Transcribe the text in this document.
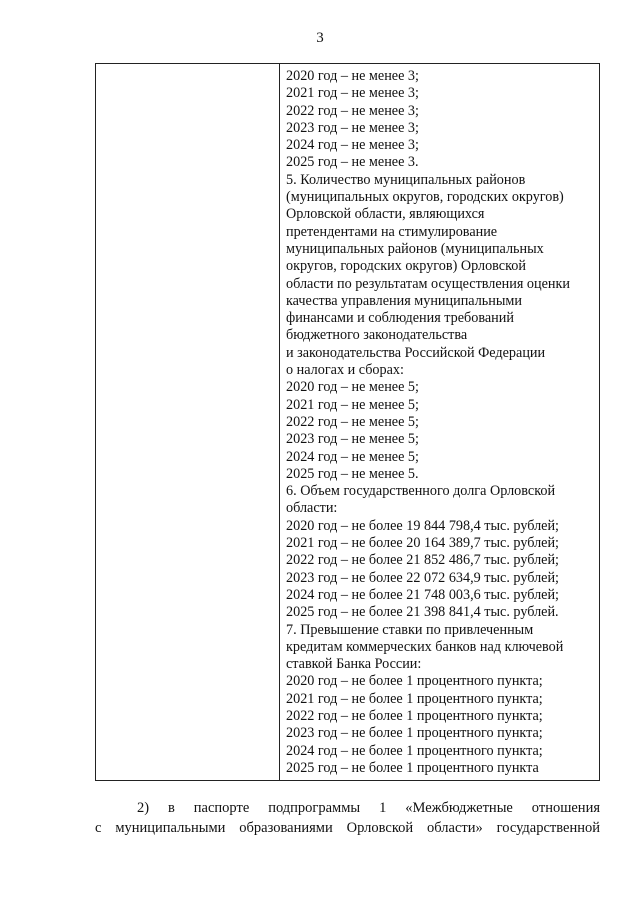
3
2020 год – не менее 3;
2021 год – не менее 3;
2022 год – не менее 3;
2023 год – не менее 3;
2024 год – не менее 3;
2025 год – не менее 3.
5. Количество муниципальных районов
(муниципальных округов, городских округов)
Орловской области, являющихся
претендентами на стимулирование
муниципальных районов (муниципальных
округов, городских округов) Орловской
области по результатам осуществления оценки
качества управления муниципальными
финансами и соблюдения требований
бюджетного законодательства
и законодательства Российской Федерации
о налогах и сборах:
2020 год – не менее 5;
2021 год – не менее 5;
2022 год – не менее 5;
2023 год – не менее 5;
2024 год – не менее 5;
2025 год – не менее 5.
6. Объем государственного долга Орловской
области:
2020 год – не более 19 844 798,4 тыс. рублей;
2021 год – не более 20 164 389,7 тыс. рублей;
2022 год – не более 21 852 486,7 тыс. рублей;
2023 год – не более 22 072 634,9 тыс. рублей;
2024 год – не более 21 748 003,6 тыс. рублей;
2025 год – не более 21 398 841,4 тыс. рублей.
7. Превышение ставки по привлеченным
кредитам коммерческих банков над ключевой
ставкой Банка России:
2020 год – не более 1 процентного пункта;
2021 год – не более 1 процентного пункта;
2022 год – не более 1 процентного пункта;
2023 год – не более 1 процентного пункта;
2024 год – не более 1 процентного пункта;
2025 год – не более 1 процентного пункта
2) в паспорте подпрограммы 1 «Межбюджетные отношения
с муниципальными образованиями Орловской области» государственной
